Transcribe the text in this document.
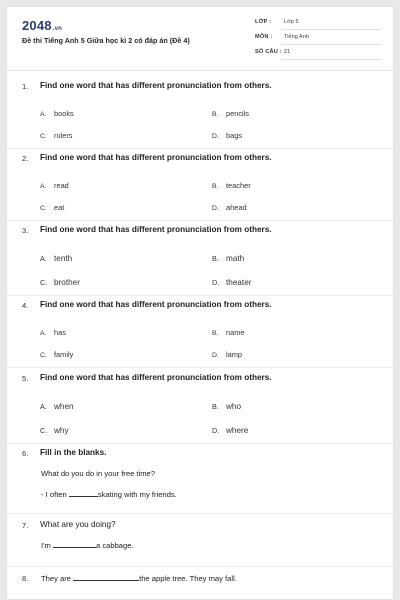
2048.vn
Đề thi Tiếng Anh 5 Giữa học kì 2 có đáp án (Đề 4)
LỚP : Lớp 5
MÔN : Tiếng Anh
SỐ CÂU : 21
1. Find one word that has different pronunciation from others.
A. books	B. pencils
C. rulers	D. bags
2. Find one word that has different pronunciation from others.
A. read	B. teacher
C. eat	D. ahead
3. Find one word that has different pronunciation from others.
A. tenth	B. math
C. brother	D. theater
4. Find one word that has different pronunciation from others.
A. has	B. name
C. family	D. lamp
5. Find one word that has different pronunciation from others.
A. when	B. who
C. why	D. where
6. Fill in the blanks.
What do you do in your free time?
- I often	skating with my friends.
7. What are you doing?
I'm	a cabbage.
8. They are	the apple tree. They may fall.
